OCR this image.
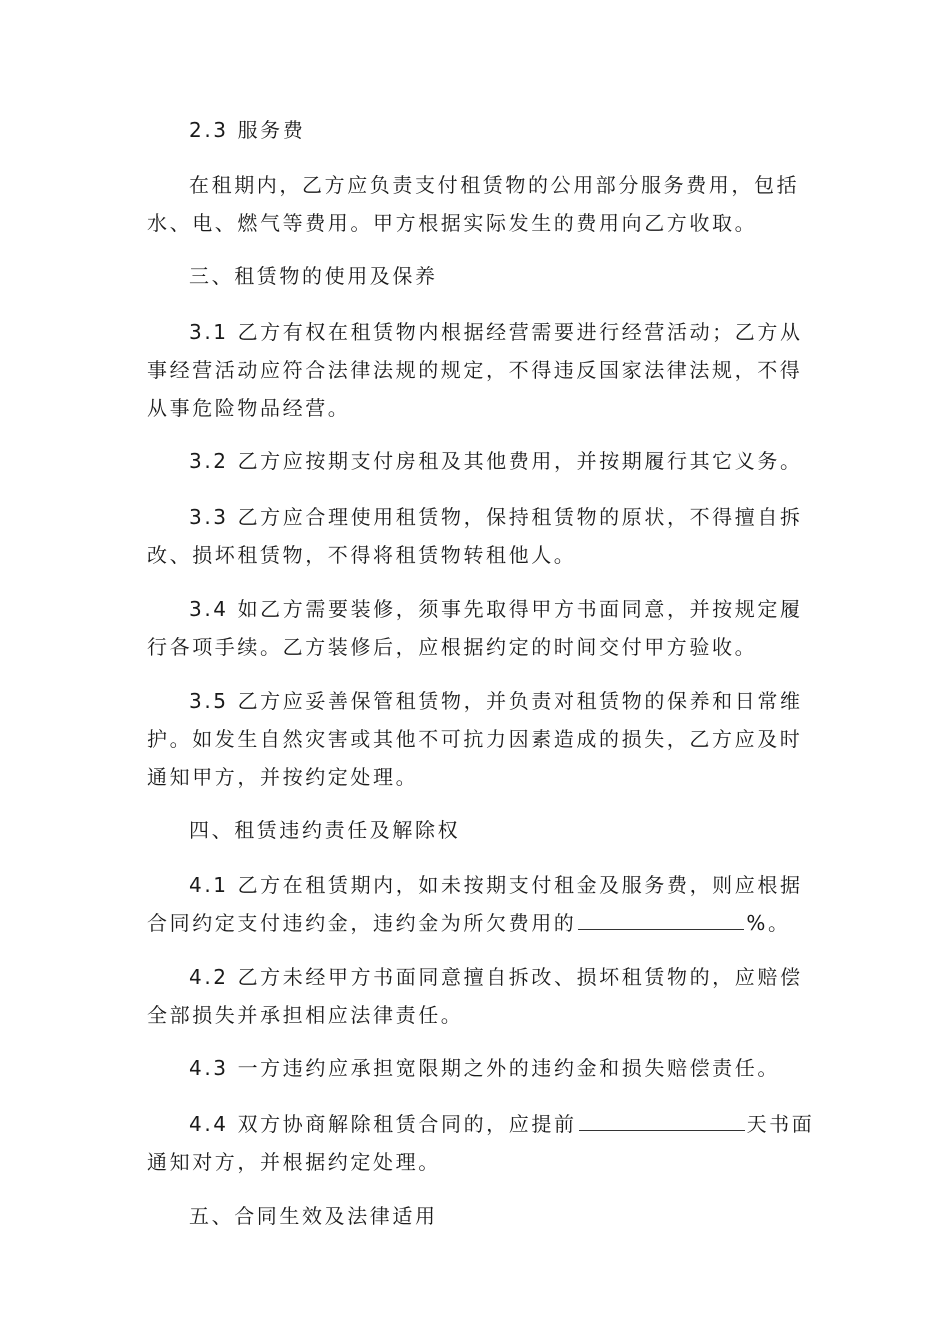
2.3 服务费
在租期内，乙方应负责支付租赁物的公用部分服务费用，包括
水、电、燃气等费用。甲方根据实际发生的费用向乙方收取。
三、租赁物的使用及保养
3.1 乙方有权在租赁物内根据经营需要进行经营活动；乙方从
事经营活动应符合法律法规的规定，不得违反国家法律法规，不得
从事危险物品经营。
3.2 乙方应按期支付房租及其他费用，并按期履行其它义务。
3.3 乙方应合理使用租赁物，保持租赁物的原状，不得擅自拆
改、损坏租赁物，不得将租赁物转租他人。
3.4 如乙方需要装修，须事先取得甲方书面同意，并按规定履
行各项手续。乙方装修后，应根据约定的时间交付甲方验收。
3.5 乙方应妥善保管租赁物，并负责对租赁物的保养和日常维
护。如发生自然灾害或其他不可抗力因素造成的损失，乙方应及时
通知甲方，并按约定处理。
四、租赁违约责任及解除权
4.1 乙方在租赁期内，如未按期支付租金及服务费，则应根据
合同约定支付违约金，违约金为所欠费用的	%。
4.2 乙方未经甲方书面同意擅自拆改、损坏租赁物的，应赔偿
全部损失并承担相应法律责任。
4.3 一方违约应承担宽限期之外的违约金和损失赔偿责任。
4.4 双方协商解除租赁合同的，应提前	天书面
通知对方，并根据约定处理。
五、合同生效及法律适用
